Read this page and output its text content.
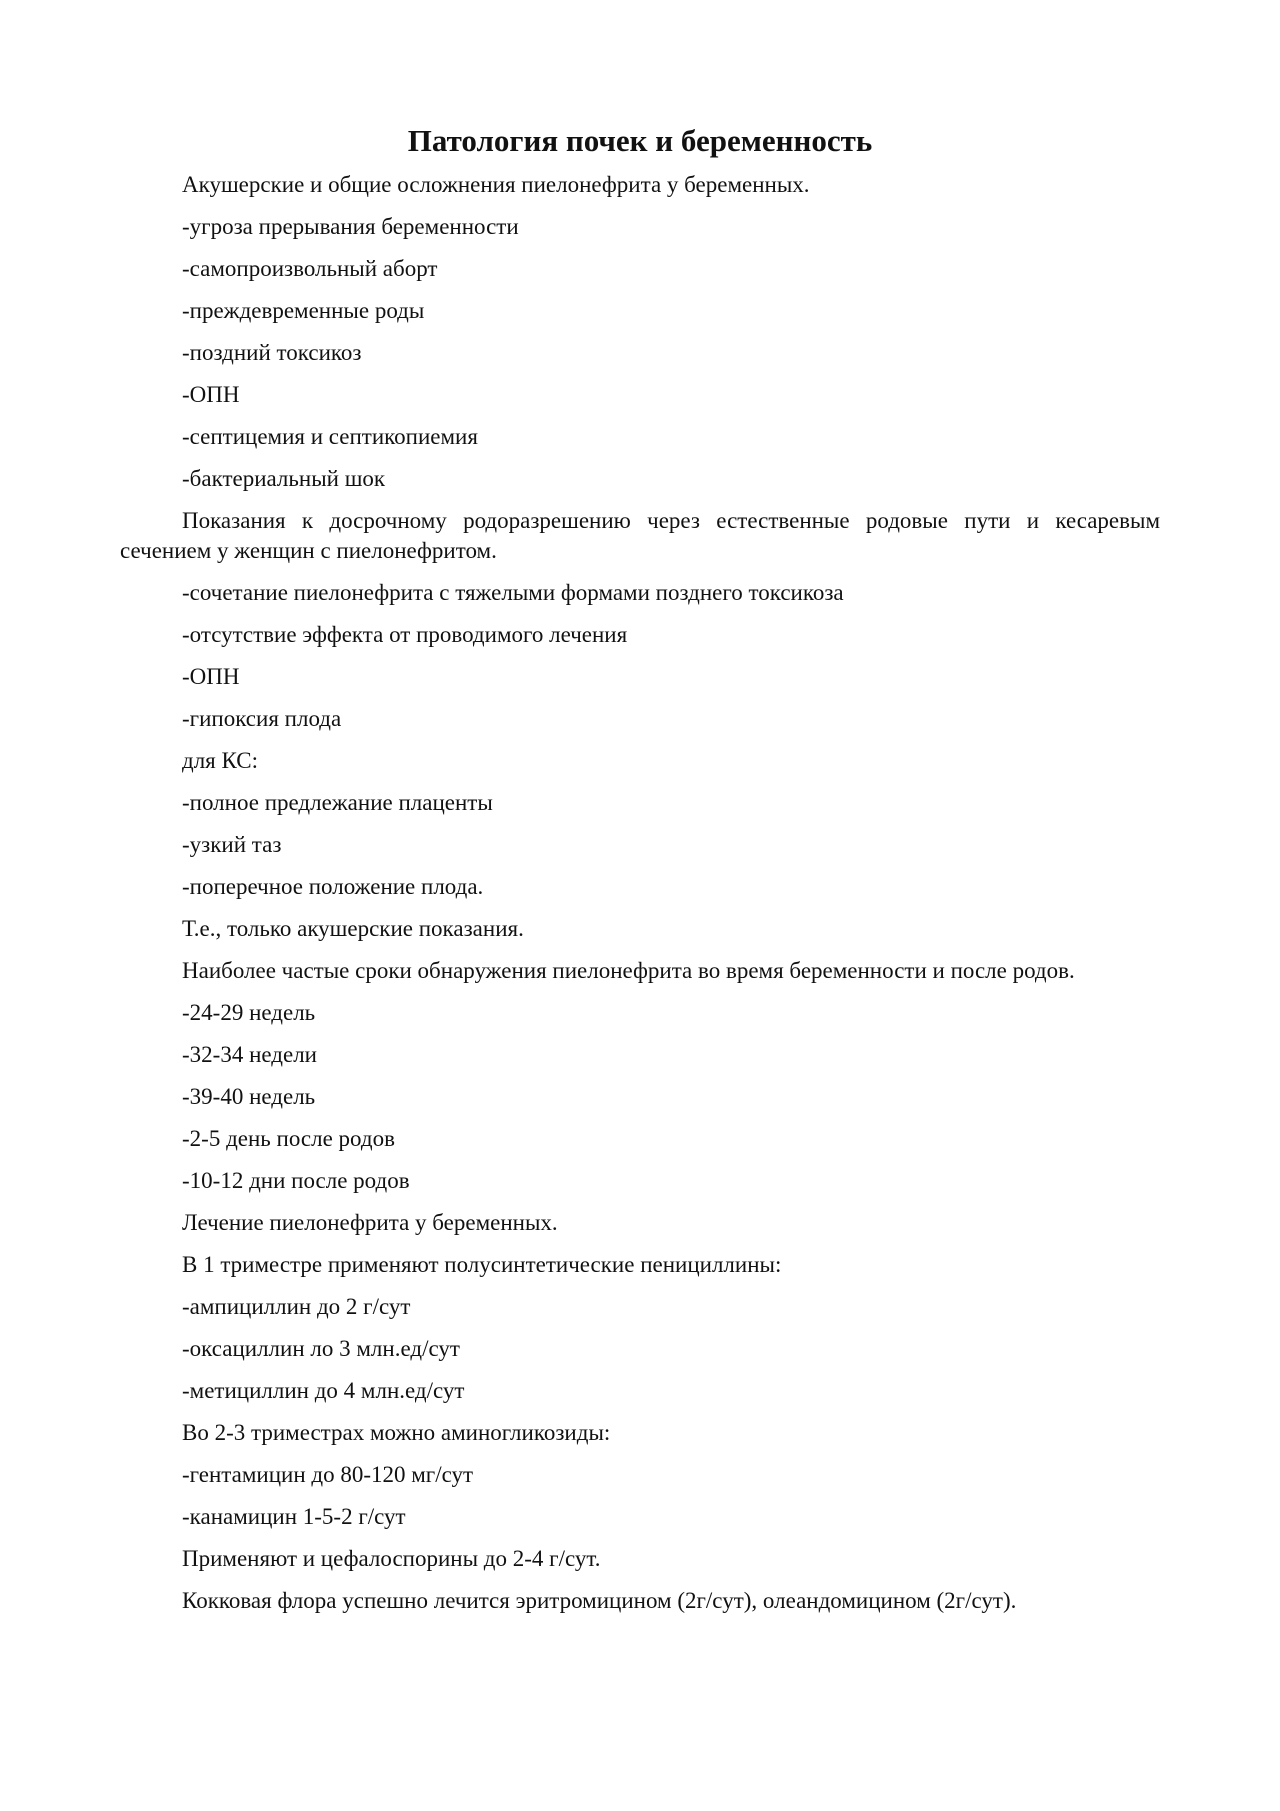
Патология почек и беременность

Акушерские и общие осложнения пиелонефрита у беременных.

-угроза прерывания беременности

-самопроизвольный аборт

-преждевременные роды

-поздний токсикоз

-ОПН

-септицемия и септикопиемия

-бактериальный шок

Показания к досрочному родоразрешению через естественные родовые пути и кесаревым сечением у женщин с пиелонефритом.

-сочетание пиелонефрита с тяжелыми формами позднего токсикоза

-отсутствие эффекта от проводимого лечения

-ОПН

-гипоксия плода

для КС:

-полное предлежание плаценты

-узкий таз

-поперечное положение плода.

Т.е., только акушерские показания.

Наиболее частые сроки обнаружения пиелонефрита во время беременности и после родов.

-24-29 недель

-32-34 недели

-39-40 недель

-2-5 день после родов

-10-12 дни после родов

Лечение пиелонефрита у беременных.

В 1 триместре применяют полусинтетические пенициллины:

-ампициллин до 2 г/сут

-оксациллин ло 3 млн.ед/сут

-метициллин до 4 млн.ед/сут

Во 2-3 триместрах можно аминогликозиды:

-гентамицин до 80-120 мг/сут

-канамицин 1-5-2 г/сут

Применяют и цефалоспорины до 2-4 г/сут.

Кокковая флора успешно лечится эритромицином (2г/сут), олеандомицином (2г/сут).
